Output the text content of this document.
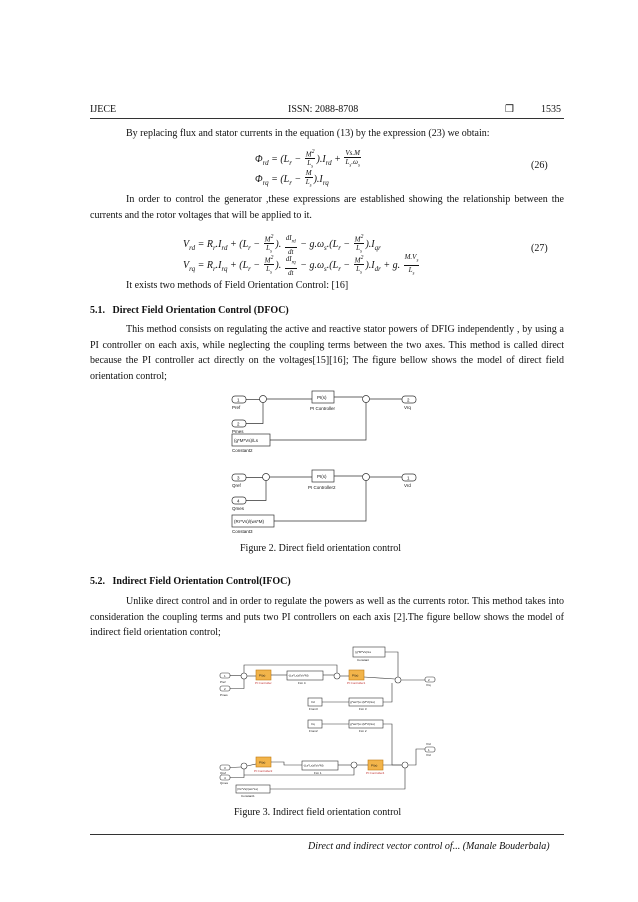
IJECE	ISSN: 2088-8708	❒	1535

By replacing flux and stator currents in the equation (13) by the expression (23) we obtain:

$\Phi_{rd} = (L_r - \frac{M^2}{L_s} ).I_{rd} + \frac{Vs.M}{L_s.\omega_s}$
$\Phi_{rq} = (L_r - \frac{M}{L_s} ).I_{rq}$
(26)

In order to control the generator ,these expressions are established showing the relationship between the currents and the rotor voltages that will be applied to it.

$V_{rd} = R_r.I_{rd} + (L_r - \frac{M^2}{L_s}$ ). $\frac{dI_{rd}}{dt} - g.\omega_s.(L_r - \frac{M^2}{L_s} ).I_{qr}$
$V_{rq} = R_r.I_{rq} + (L_r - \frac{M^2}{L_s}$ ). $\frac{dI_{rq}}{dt} - g.\omega_s.(L_r - \frac{M^2}{L_s} ).I_{dr} + g$. $\frac{M.V_s}{L_s}$
(27)

It exists two methods of Field Orientation Control: [16]

5.1.   Direct Field Orientation Control (DFOC)

This method consists on regulating the active and reactive stator powers of DFIG independently , by using a PI controller on each axis, while neglecting the coupling terms between the two axes. This method is called direct because the PI controller act directly on the voltages[15][16]; The figure bellow shows the model of direct field orientation control;

1
Pref
2
Pmes
(g*M*Vs)/Ls
Constant2
PI(s)
PI Controller
2
Vrq
3
Qref
4
Qmes
(Rr*Vs)/(ws*M)
Constant3
PI(s)
PI Controller2
1
Vrd
Figure 2. Direct field orientation control
5.2.   Indirect Field Orientation Control(IFOC)

Unlike direct control and in order to regulate the powers as well as the currents rotor. This method takes into consideration the coupling terms and puts two PI controllers on each axis [2].The figure bellow shows the model of indirect field orientation control;

(g*M*Vs)/Ls
Constant
1
Pref
2
Pmes
PI(s)
PI Controller
-(Ls*Ls)/(Vs*M)
Fcn 4
PI(s)
PI Controller1
2
Vrq
Ird
From3
g*ws*(Lr-(M^2)/Ls)
Fcn 3
Irq
From2
g*ws*(Lr-(M^2)/Ls)
Fcn 2
1
Vrd
Vrd
3
Qref
4
Qmes
PI(s)
PI Controller2
-(Ls*Ls)/(Vs*M)
Fcn 1
PI(s)
PI Controller4
(Vs*Vs)/(ws*Ls)
Constant1
Figure 3. Indirect field orientation control
Direct and indirect vector control of... (Manale Bouderbala)
